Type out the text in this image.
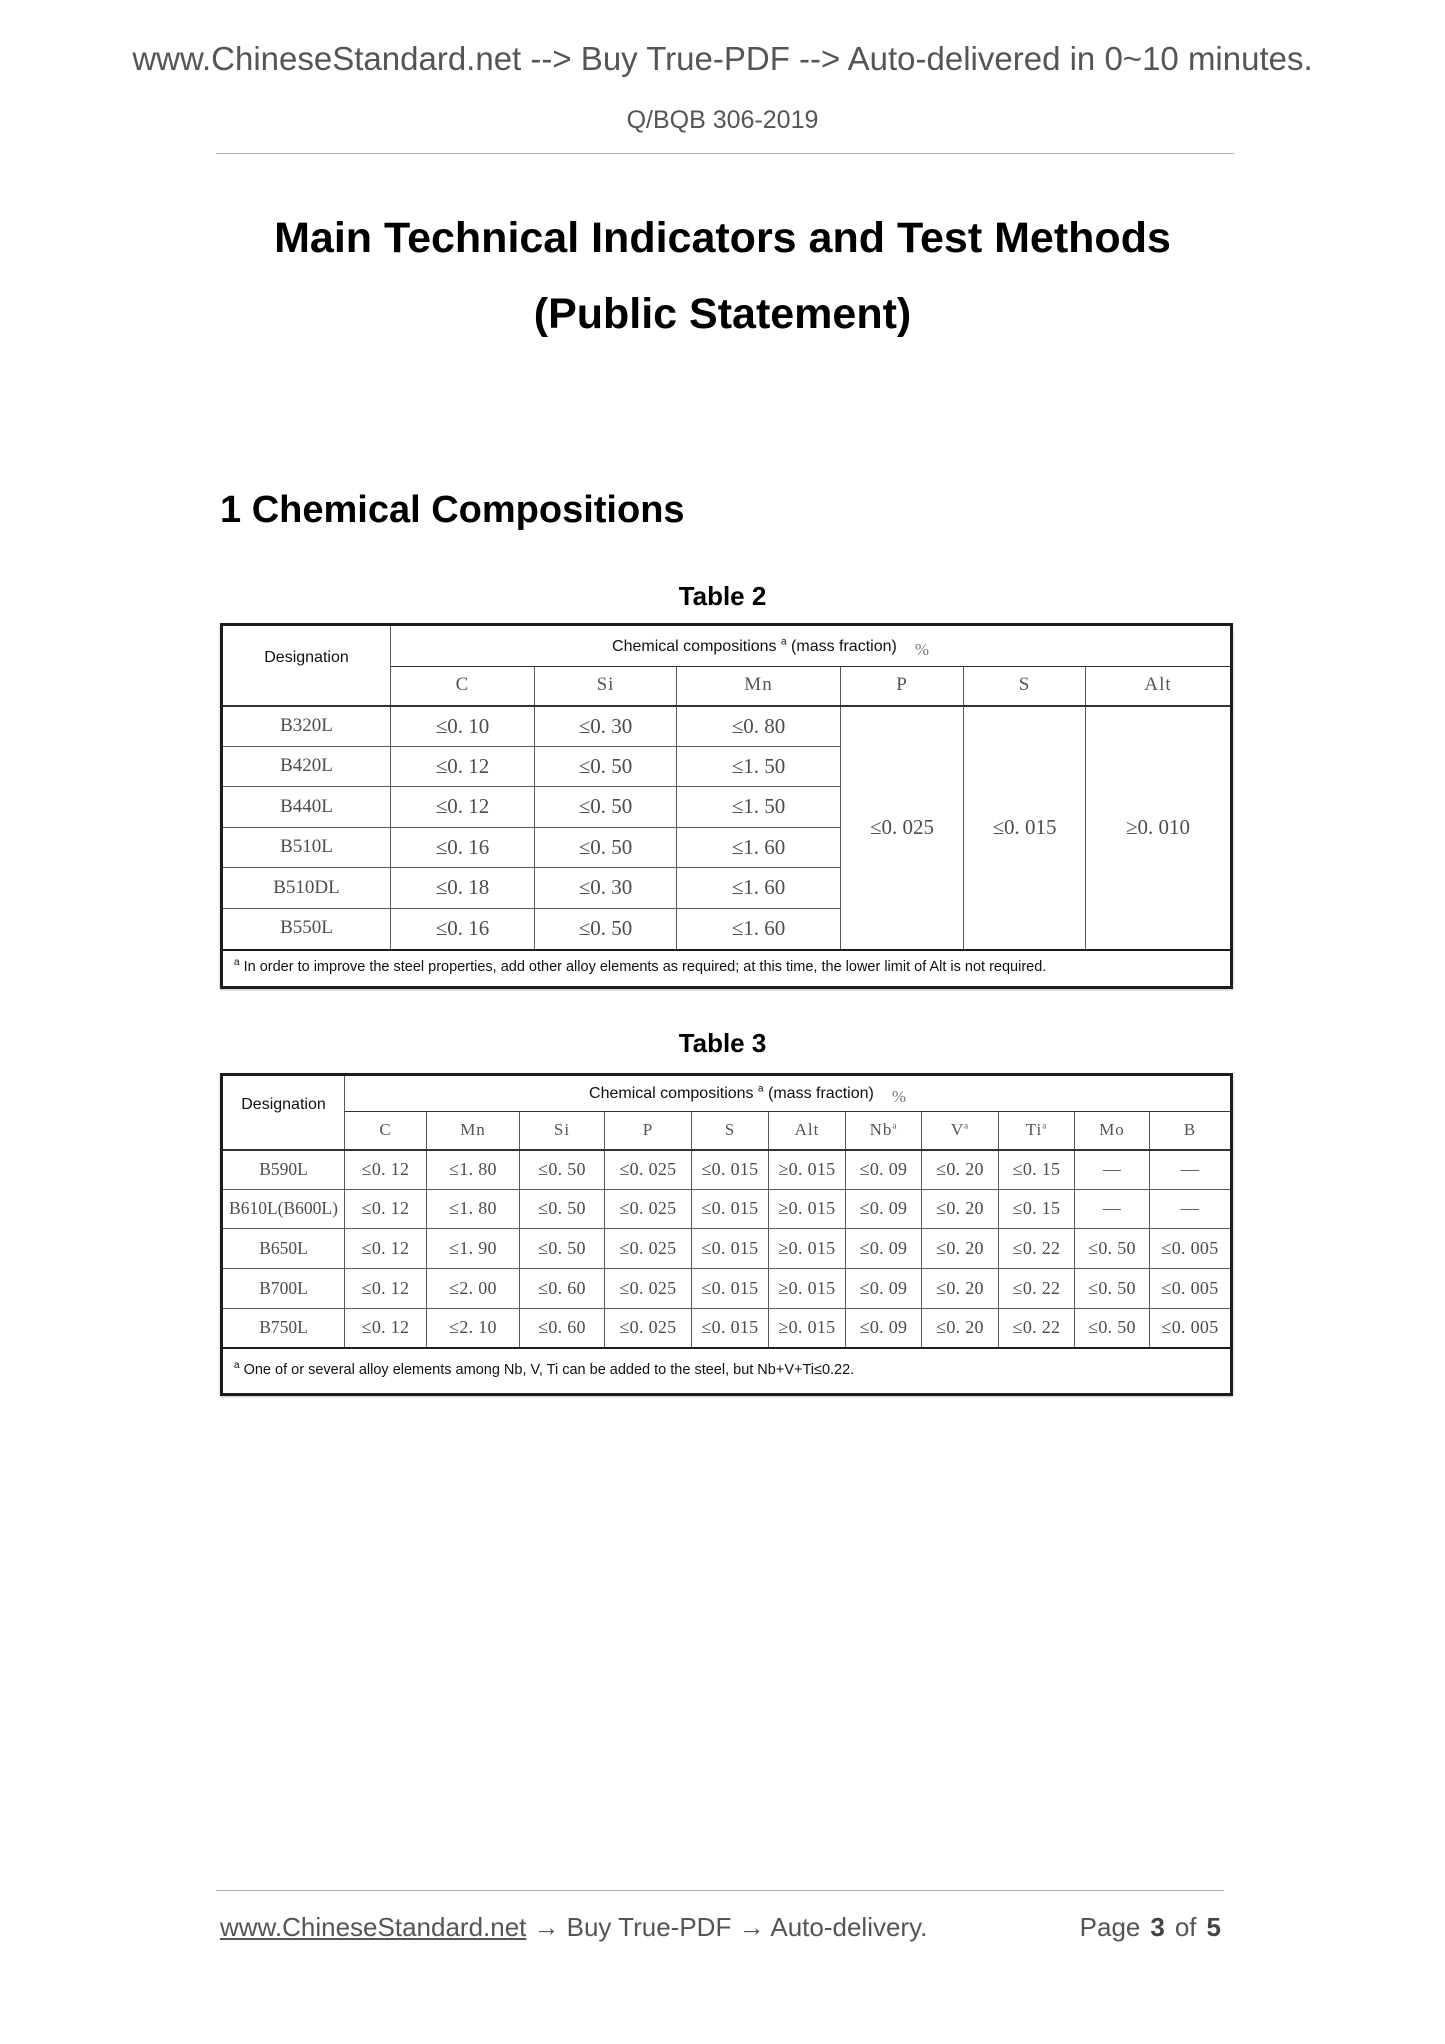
www.ChineseStandard.net --> Buy True-PDF --> Auto-delivered in 0~10 minutes.
Q/BQB 306-2019
Main Technical Indicators and Test Methods
(Public Statement)
1 Chemical Compositions
Table 2
Designation	Chemical compositions $^a$ (mass fraction) %					
	C	Si	Mn	P	S	Alt
B320L	≤0. 10	≤0. 30	≤0. 80	≤0. 025	≤0. 015	≥0. 010
B420L	≤0. 12	≤0. 50	≤1. 50			
B440L	≤0. 12	≤0. 50	≤1. 50			
B510L	≤0. 16	≤0. 50	≤1. 60			
B510DL	≤0. 18	≤0. 30	≤1. 60			
B550L	≤0. 16	≤0. 50	≤1. 60			
$^a$ In order to improve the steel properties, add other alloy elements as required; at this time, the lower limit of Alt is not required.						
Table 3
Designation	Chemical compositions $^a$ (mass fraction) %										
	C	Mn	Si	P	S	Alt	Nb$^a$	$V^a$	Ti$^a$	Mo	B
B590L	≤0. 12	≤1. 80	≤0. 50	≤0. 025	≤0. 015	≥0. 015	≤0. 09	≤0. 20	≤0. 15	—	—
B610L(B600L)	≤0. 12	≤1. 80	≤0. 50	≤0. 025	≤0. 015	≥0. 015	≤0. 09	≤0. 20	≤0. 15	—	—
B650L	≤0. 12	≤1. 90	≤0. 50	≤0. 025	≤0. 015	≥0. 015	≤0. 09	≤0. 20	≤0. 22	≤0. 50	≤0. 005
B700L	≤0. 12	≤2. 00	≤0. 60	≤0. 025	≤0. 015	≥0. 015	≤0. 09	≤0. 20	≤0. 22	≤0. 50	≤0. 005
B750L	≤0. 12	≤2. 10	≤0. 60	≤0. 025	≤0. 015	≥0. 015	≤0. 09	≤0. 20	≤0. 22	≤0. 50	≤0. 005
$^a$ One of or several alloy elements among Nb, V, Ti can be added to the steel, but Nb+V+Ti≤0.22.											
www.ChineseStandard.net → Buy True-PDF → Auto-delivery.	Page 3 of 5
